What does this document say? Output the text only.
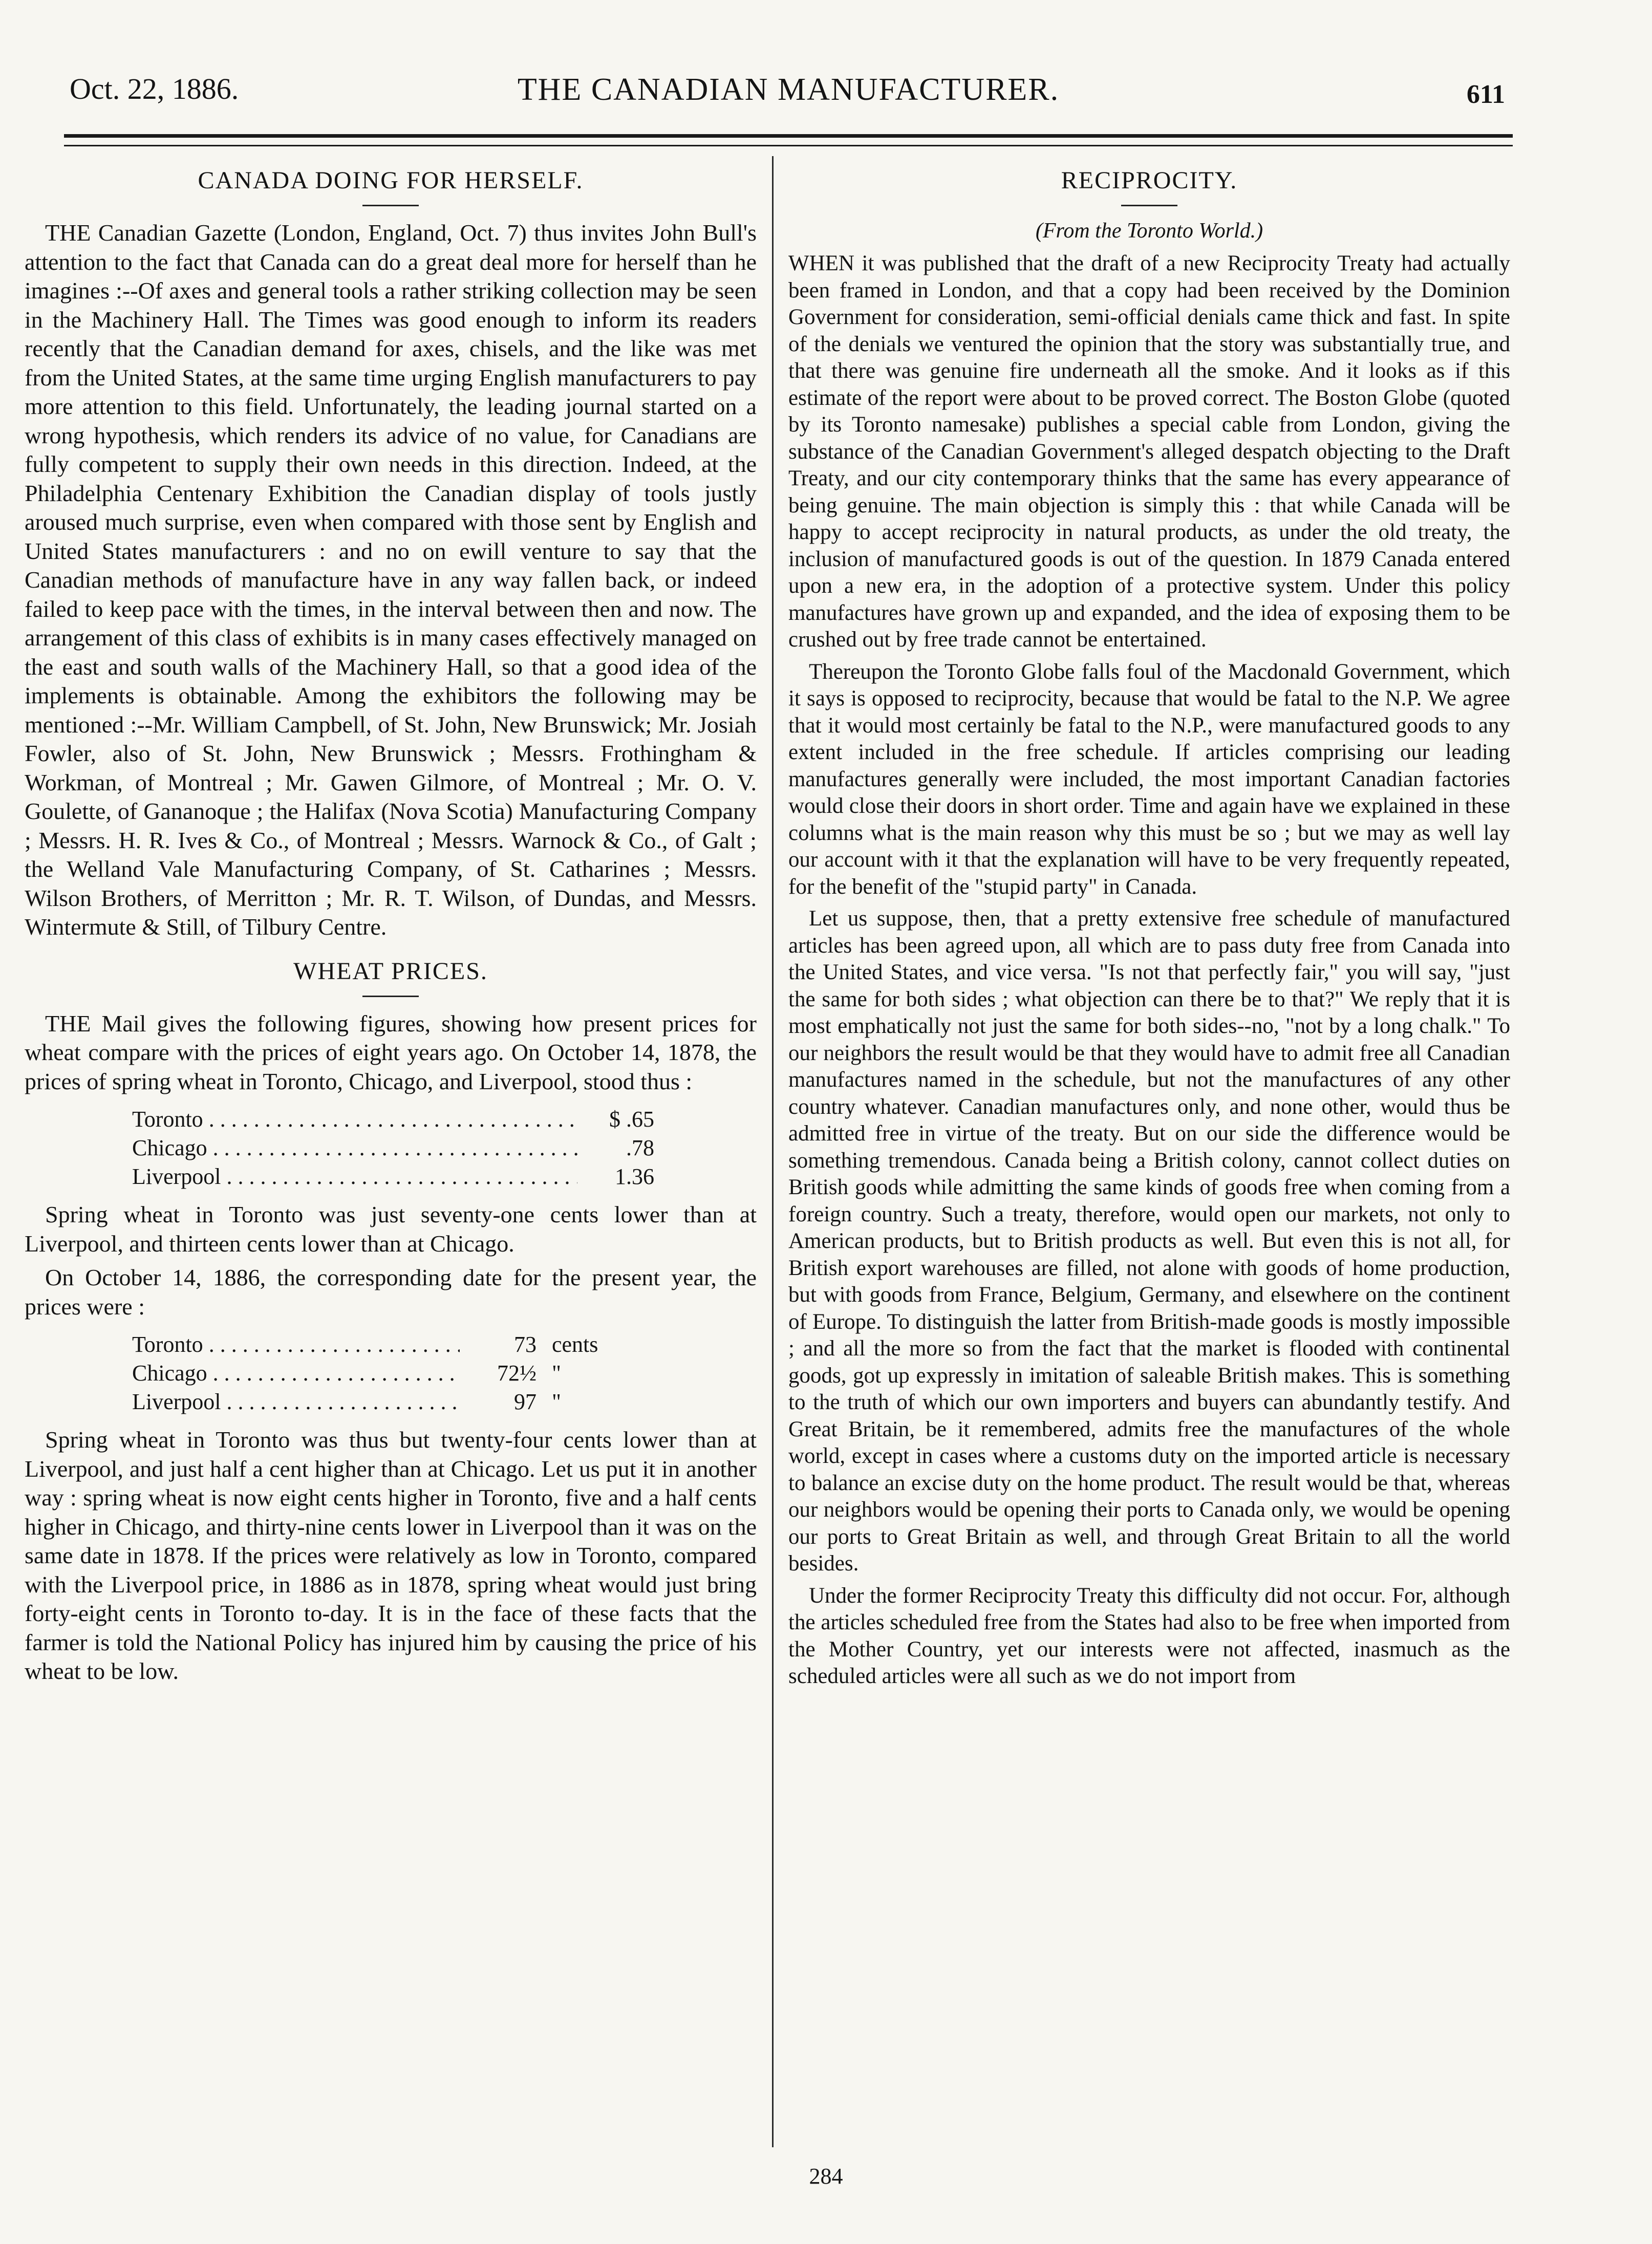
Oct. 22, 1886.	THE CANADIAN MANUFACTURER.	611
CANADA DOING FOR HERSELF.

THE Canadian Gazette (London, England, Oct. 7) thus invites John Bull's attention to the fact that Canada can do a great deal more for herself than he imagines :--Of axes and general tools a rather striking collection may be seen in the Machinery Hall. The Times was good enough to inform its readers recently that the Canadian demand for axes, chisels, and the like was met from the United States, at the same time urging English manufacturers to pay more attention to this field. Unfortunately, the leading journal started on a wrong hypothesis, which renders its advice of no value, for Canadians are fully competent to supply their own needs in this direction. Indeed, at the Philadelphia Centenary Exhibition the Canadian display of tools justly aroused much surprise, even when compared with those sent by English and United States manufacturers : and no on ewill venture to say that the Canadian methods of manufacture have in any way fallen back, or indeed failed to keep pace with the times, in the interval between then and now. The arrangement of this class of exhibits is in many cases effectively managed on the east and south walls of the Machinery Hall, so that a good idea of the implements is obtainable. Among the exhibitors the following may be mentioned :--Mr. William Campbell, of St. John, New Brunswick; Mr. Josiah Fowler, also of St. John, New Brunswick ; Messrs. Frothingham & Workman, of Montreal ; Mr. Gawen Gilmore, of Montreal ; Mr. O. V. Goulette, of Gananoque ; the Halifax (Nova Scotia) Manufacturing Company ; Messrs. H. R. Ives & Co., of Montreal ; Messrs. Warnock & Co., of Galt ; the Welland Vale Manufacturing Company, of St. Catharines ; Messrs. Wilson Brothers, of Merritton ; Mr. R. T. Wilson, of Dundas, and Messrs. Wintermute & Still, of Tilbury Centre.

WHEAT PRICES.

THE Mail gives the following figures, showing how present prices for wheat compare with the prices of eight years ago. On October 14, 1878, the prices of spring wheat in Toronto, Chicago, and Liverpool, stood thus :

Toronto . . .	$ .65
Chicago . . .	.78
Liverpool . . .	1.36

Spring wheat in Toronto was just seventy-one cents lower than at Liverpool, and thirteen cents lower than at Chicago.

On October 14, 1886, the corresponding date for the present year, the prices were :

Toronto . . .	73 cents
Chicago . . .	72½ "
Liverpool . . .	97 "

Spring wheat in Toronto was thus but twenty-four cents lower than at Liverpool, and just half a cent higher than at Chicago. Let us put it in another way : spring wheat is now eight cents higher in Toronto, five and a half cents higher in Chicago, and thirty-nine cents lower in Liverpool than it was on the same date in 1878. If the prices were relatively as low in Toronto, compared with the Liverpool price, in 1886 as in 1878, spring wheat would just bring forty-eight cents in Toronto to-day. It is in the face of these facts that the farmer is told the National Policy has injured him by causing the price of his wheat to be low.

RECIPROCITY.
(From the Toronto World.)

WHEN it was published that the draft of a new Reciprocity Treaty had actually been framed in London, and that a copy had been received by the Dominion Government for consideration, semi-official denials came thick and fast. In spite of the denials we ventured the opinion that the story was substantially true, and that there was genuine fire underneath all the smoke. And it looks as if this estimate of the report were about to be proved correct. The Boston Globe (quoted by its Toronto namesake) publishes a special cable from London, giving the substance of the Canadian Government's alleged despatch objecting to the Draft Treaty, and our city contemporary thinks that the same has every appearance of being genuine. The main objection is simply this : that while Canada will be happy to accept reciprocity in natural products, as under the old treaty, the inclusion of manufactured goods is out of the question. In 1879 Canada entered upon a new era, in the adoption of a protective system. Under this policy manufactures have grown up and expanded, and the idea of exposing them to be crushed out by free trade cannot be entertained.

Thereupon the Toronto Globe falls foul of the Macdonald Government, which it says is opposed to reciprocity, because that would be fatal to the N.P. We agree that it would most certainly be fatal to the N.P., were manufactured goods to any extent included in the free schedule. If articles comprising our leading manufactures generally were included, the most important Canadian factories would close their doors in short order. Time and again have we explained in these columns what is the main reason why this must be so ; but we may as well lay our account with it that the explanation will have to be very frequently repeated, for the benefit of the "stupid party" in Canada.

Let us suppose, then, that a pretty extensive free schedule of manufactured articles has been agreed upon, all which are to pass duty free from Canada into the United States, and vice versa. "Is not that perfectly fair," you will say, "just the same for both sides ; what objection can there be to that?" We reply that it is most emphatically not just the same for both sides--no, "not by a long chalk." To our neighbors the result would be that they would have to admit free all Canadian manufactures named in the schedule, but not the manufactures of any other country whatever. Canadian manufactures only, and none other, would thus be admitted free in virtue of the treaty. But on our side the difference would be something tremendous. Canada being a British colony, cannot collect duties on British goods while admitting the same kinds of goods free when coming from a foreign country. Such a treaty, therefore, would open our markets, not only to American products, but to British products as well. But even this is not all, for British export warehouses are filled, not alone with goods of home production, but with goods from France, Belgium, Germany, and elsewhere on the continent of Europe. To distinguish the latter from British-made goods is mostly impossible ; and all the more so from the fact that the market is flooded with continental goods, got up expressly in imitation of saleable British makes. This is something to the truth of which our own importers and buyers can abundantly testify. And Great Britain, be it remembered, admits free the manufactures of the whole world, except in cases where a customs duty on the imported article is necessary to balance an excise duty on the home product. The result would be that, whereas our neighbors would be opening their ports to Canada only, we would be opening our ports to Great Britain as well, and through Great Britain to all the world besides.

Under the former Reciprocity Treaty this difficulty did not occur. For, although the articles scheduled free from the States had also to be free when imported from the Mother Country, yet our interests were not affected, inasmuch as the scheduled articles were all such as we do not import from

284
